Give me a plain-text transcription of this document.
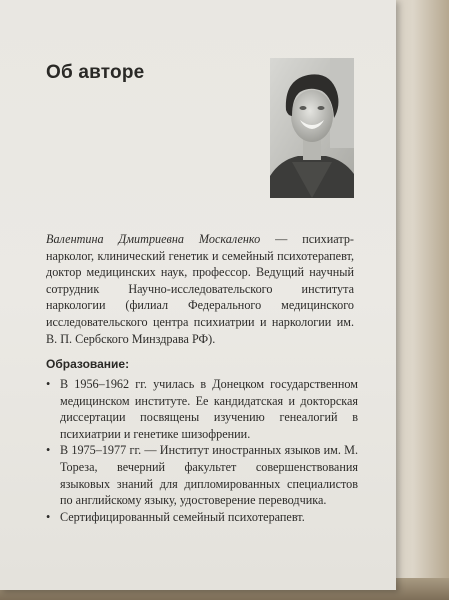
Об авторе

Валентина Дмитриевна Москаленко — психиатр-нарколог, клинический генетик и семейный психотерапевт, доктор медицинских наук, профессор. Ведущий научный сотрудник Научно-исследовательского института наркологии (филиал Федерального медицинского исследовательского центра психиатрии и наркологии им. В. П. Сербского Минздрава РФ).

Образование:
• В 1956–1962 гг. училась в Донецком государственном медицинском институте. Ее кандидатская и докторская диссертации посвящены изучению генеалогий в психиатрии и генетике шизофрении.
• В 1975–1977 гг. — Институт иностранных языков им. М. Тореза, вечерний факультет совершенствования языковых знаний для дипломированных специалистов по английскому языку, удостоверение переводчика.
• Сертифицированный семейный психотерапевт.
